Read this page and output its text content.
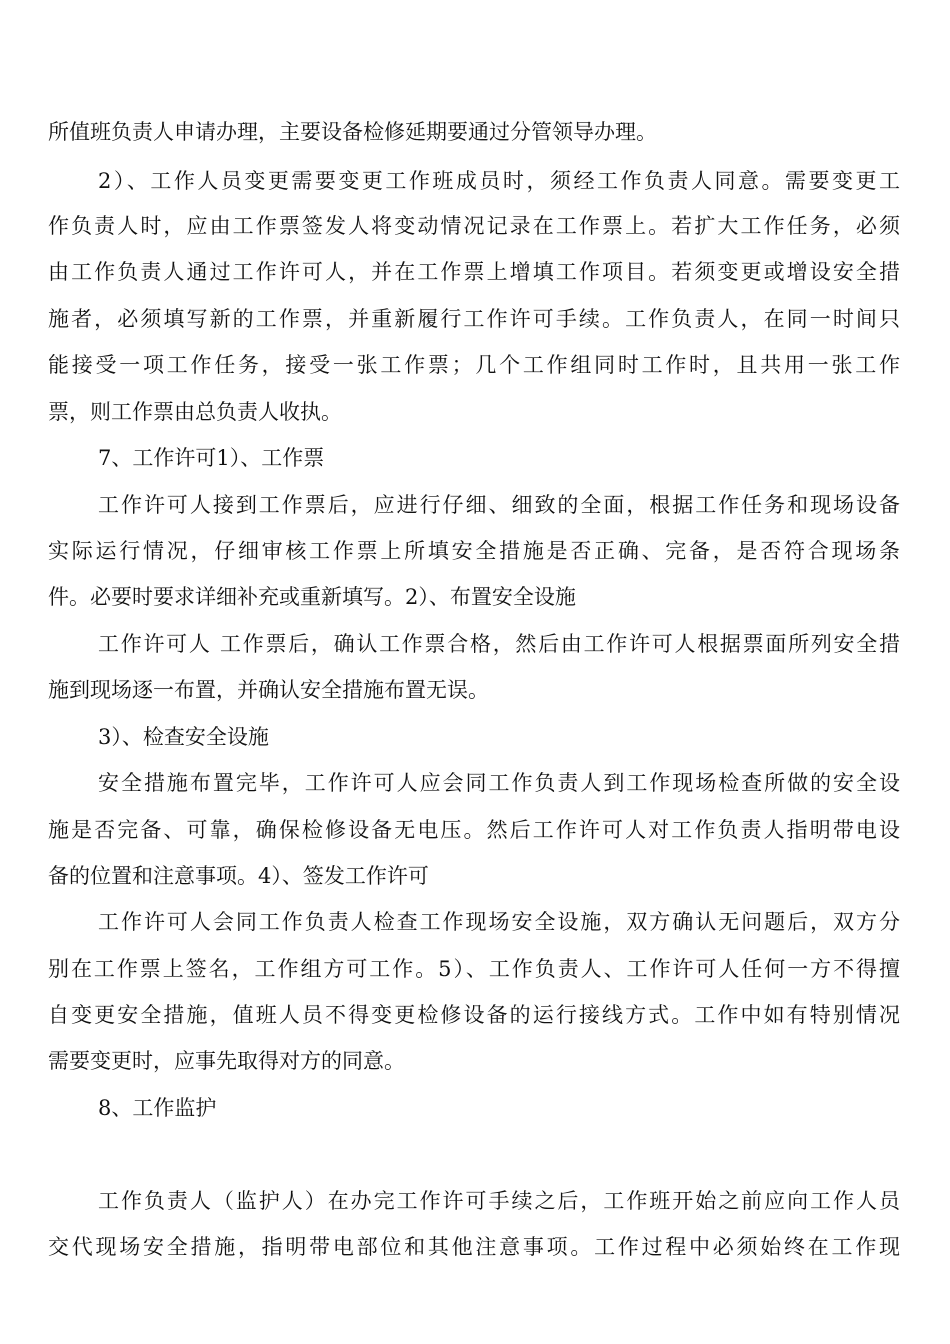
所值班负责人申请办理，主要设备检修延期要通过分管领导办理。
2）、工作人员变更需要变更工作班成员时，须经工作负责人同意。需要变更工
作负责人时，应由工作票签发人将变动情况记录在工作票上。若扩大工作任务，必须
由工作负责人通过工作许可人，并在工作票上增填工作项目。若须变更或增设安全措
施者，必须填写新的工作票，并重新履行工作许可手续。工作负责人，在同一时间只
能接受一项工作任务，接受一张工作票；几个工作组同时工作时，且共用一张工作
票，则工作票由总负责人收执。
7、工作许可1）、工作票
工作许可人接到工作票后，应进行仔细、细致的全面，根据工作任务和现场设备
实际运行情况，仔细审核工作票上所填安全措施是否正确、完备，是否符合现场条
件。必要时要求详细补充或重新填写。2）、布置安全设施
工作许可人 工作票后，确认工作票合格，然后由工作许可人根据票面所列安全措
施到现场逐一布置，并确认安全措施布置无误。
3）、检查安全设施
安全措施布置完毕，工作许可人应会同工作负责人到工作现场检查所做的安全设
施是否完备、可靠，确保检修设备无电压。然后工作许可人对工作负责人指明带电设
备的位置和注意事项。4）、签发工作许可
工作许可人会同工作负责人检查工作现场安全设施，双方确认无问题后，双方分
别在工作票上签名，工作组方可工作。5）、工作负责人、工作许可人任何一方不得擅
自变更安全措施，值班人员不得变更检修设备的运行接线方式。工作中如有特别情况
需要变更时，应事先取得对方的同意。
8、工作监护
工作负责人（监护人）在办完工作许可手续之后，工作班开始之前应向工作人员
交代现场安全措施，指明带电部位和其他注意事项。工作过程中必须始终在工作现
